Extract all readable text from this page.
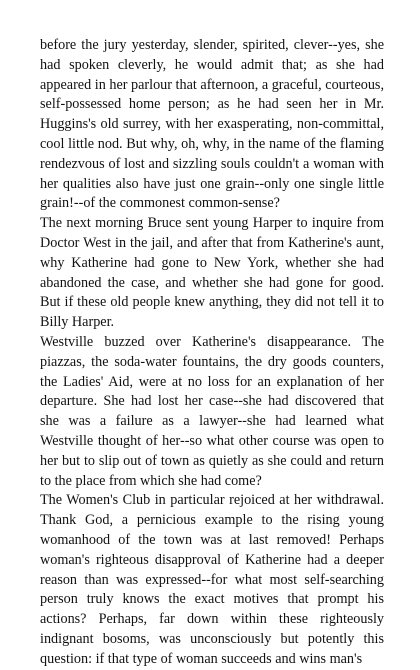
before the jury yesterday, slender, spirited, clever--yes, she had spoken cleverly, he would admit that; as she had appeared in her parlour that afternoon, a graceful, courteous, self-possessed home person; as he had seen her in Mr. Huggins's old surrey, with her exasperating, non-committal, cool little nod. But why, oh, why, in the name of the flaming rendezvous of lost and sizzling souls couldn't a woman with her qualities also have just one grain--only one single little grain!--of the commonest common-sense?

The next morning Bruce sent young Harper to inquire from Doctor West in the jail, and after that from Katherine's aunt, why Katherine had gone to New York, whether she had abandoned the case, and whether she had gone for good. But if these old people knew anything, they did not tell it to Billy Harper.

Westville buzzed over Katherine's disappearance. The piazzas, the soda-water fountains, the dry goods counters, the Ladies' Aid, were at no loss for an explanation of her departure. She had lost her case--she had discovered that she was a failure as a lawyer--she had learned what Westville thought of her--so what other course was open to her but to slip out of town as quietly as she could and return to the place from which she had come?

The Women's Club in particular rejoiced at her withdrawal. Thank God, a pernicious example to the rising young womanhood of the town was at last removed! Perhaps woman's righteous disapproval of Katherine had a deeper reason than was expressed--for what most self-searching person truly knows the exact motives that prompt his actions? Perhaps, far down within these righteously indignant bosoms, was unconsciously but potently this question: if that type of woman succeeds and wins man's
